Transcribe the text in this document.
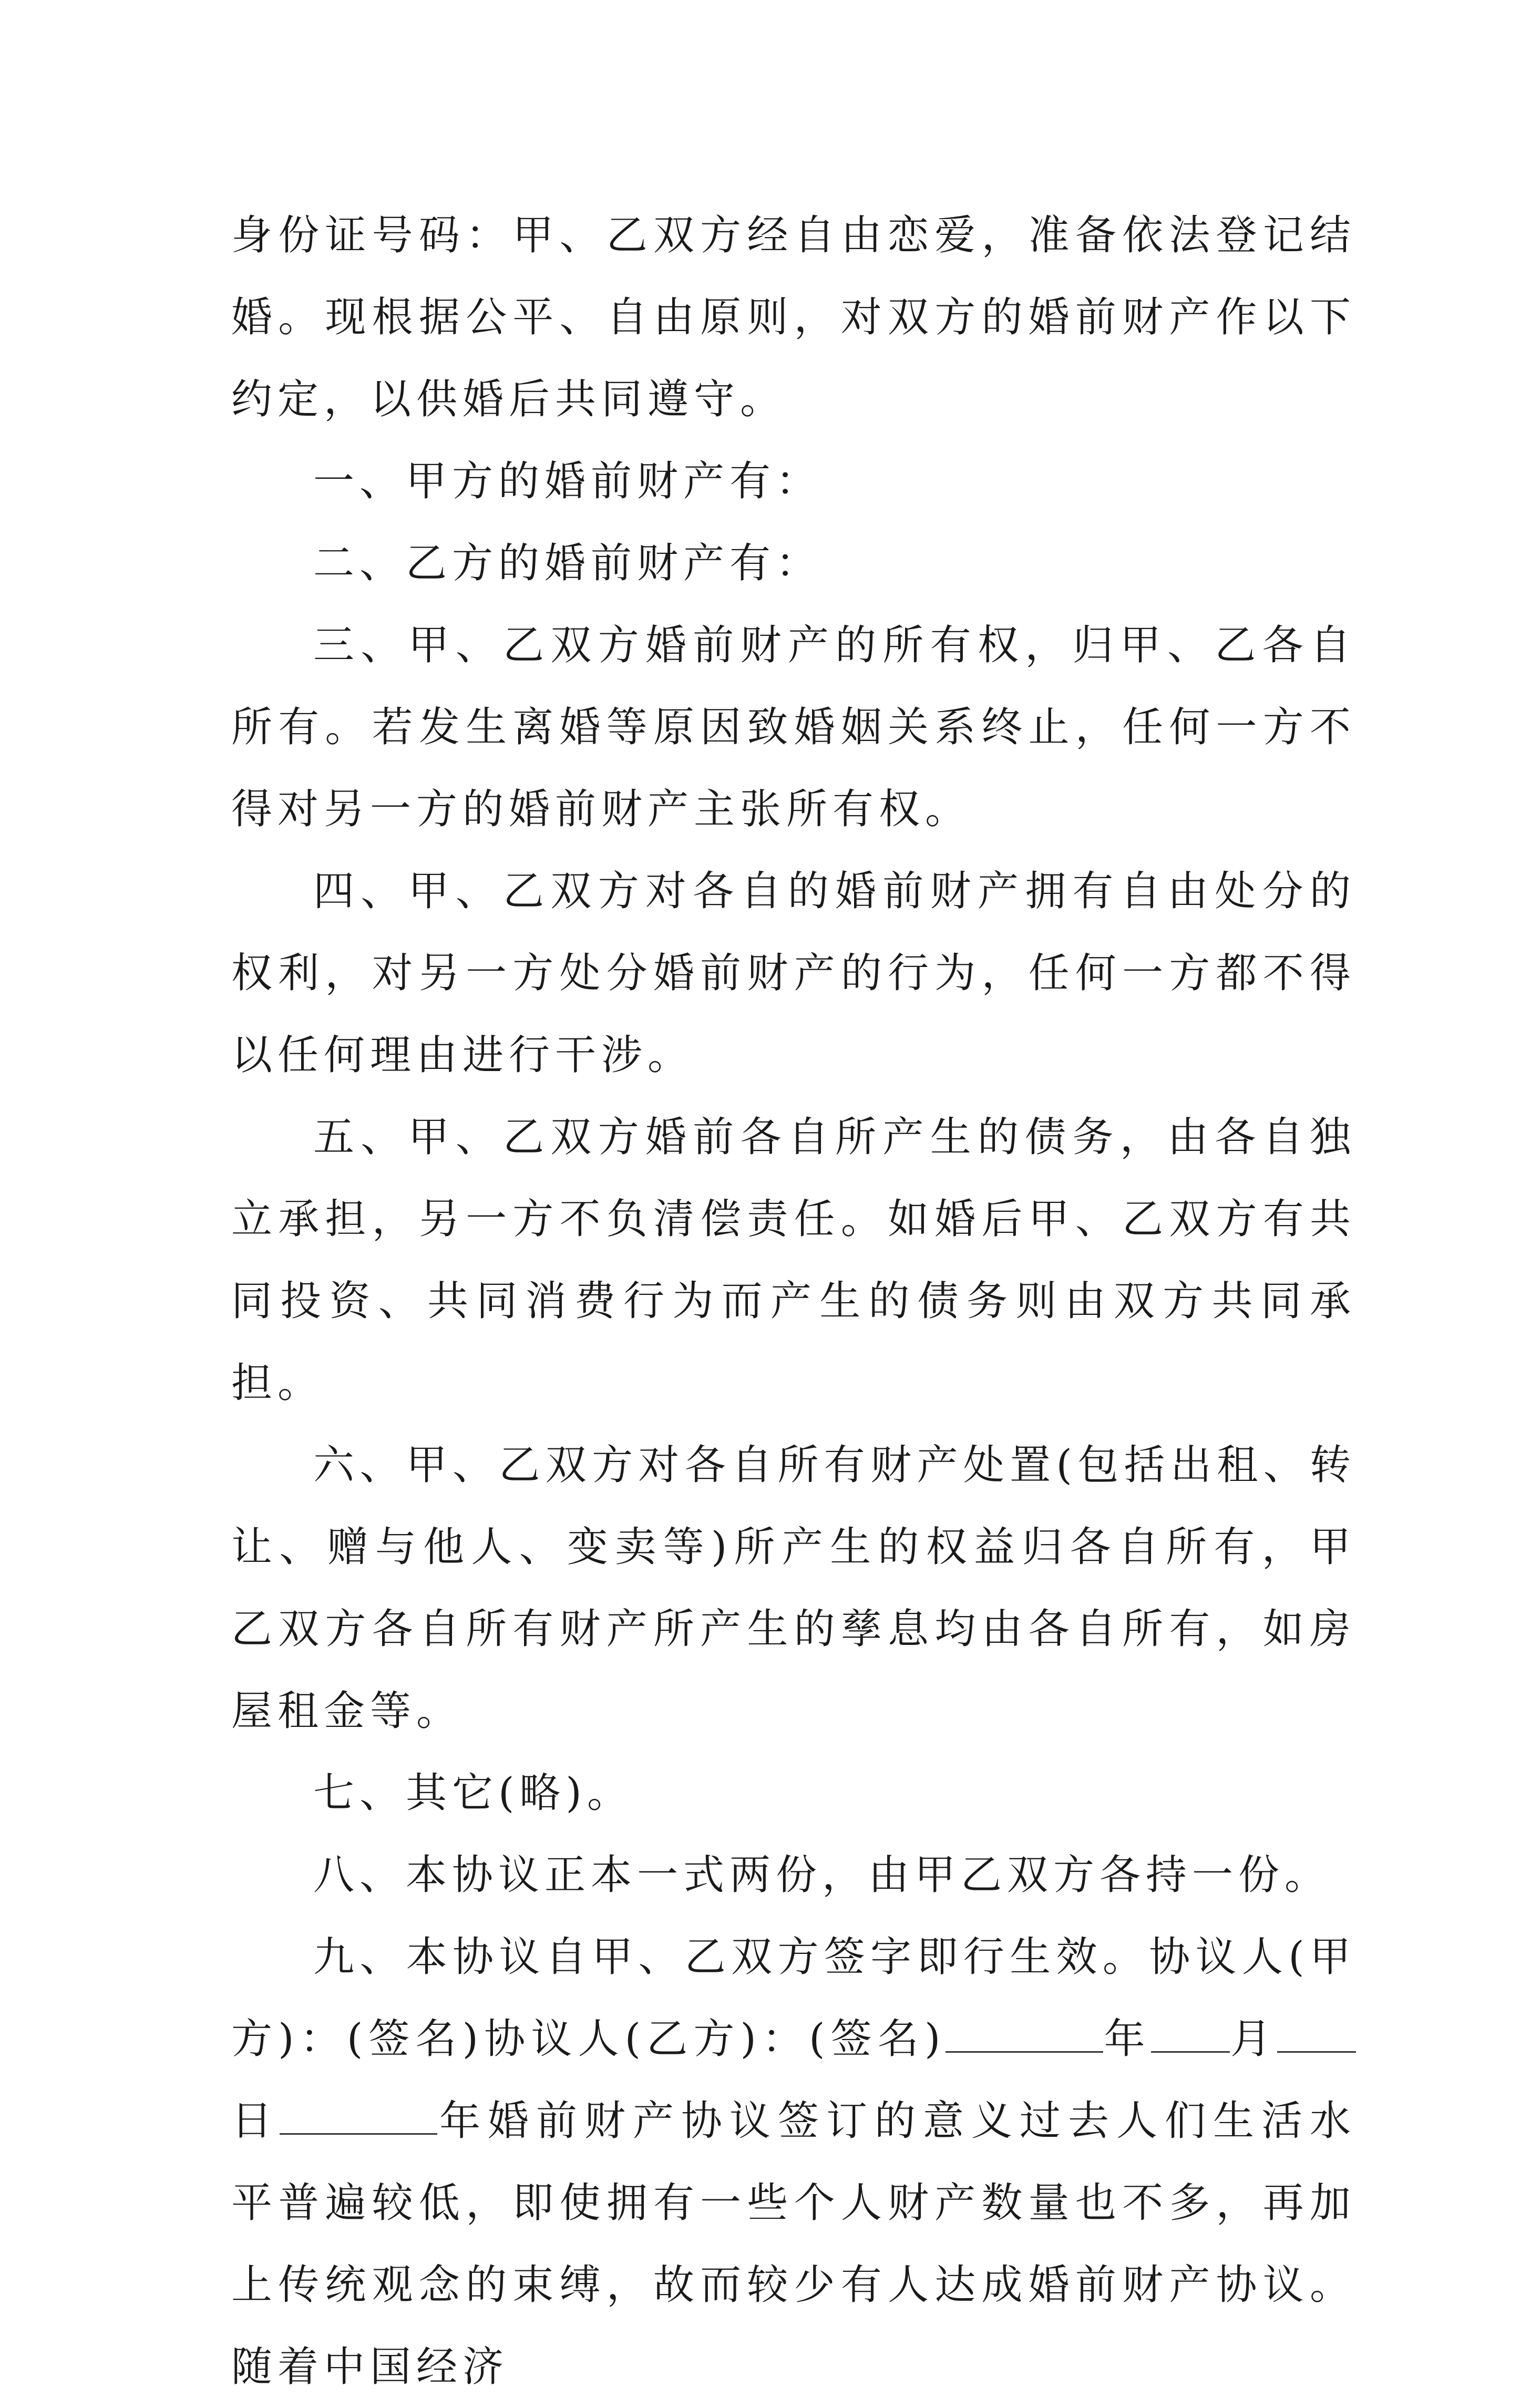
身份证号码：甲、乙双方经自由恋爱，准备依法登记结婚。现根据公平、自由原则，对双方的婚前财产作以下约定，以供婚后共同遵守。

一、甲方的婚前财产有：

二、乙方的婚前财产有：

三、甲、乙双方婚前财产的所有权，归甲、乙各自所有。若发生离婚等原因致婚姻关系终止，任何一方不得对另一方的婚前财产主张所有权。

四、甲、乙双方对各自的婚前财产拥有自由处分的权利，对另一方处分婚前财产的行为，任何一方都不得以任何理由进行干涉。

五、甲、乙双方婚前各自所产生的债务，由各自独立承担，另一方不负清偿责任。如婚后甲、乙双方有共同投资、共同消费行为而产生的债务则由双方共同承担。

六、甲、乙双方对各自所有财产处置(包括出租、转让、赠与他人、变卖等)所产生的权益归各自所有，甲乙双方各自所有财产所产生的孳息均由各自所有，如房屋租金等。

七、其它(略)。

八、本协议正本一式两份，由甲乙双方各持一份。

九、本协议自甲、乙双方签字即行生效。协议人(甲方)：(签名)协议人(乙方)：(签名)	年 月日	年婚前财产协议签订的意义过去人们生活水平普遍较低，即使拥有一些个人财产数量也不多，再加上传统观念的束缚，故而较少有人达成婚前财产协议。随着中国经济
